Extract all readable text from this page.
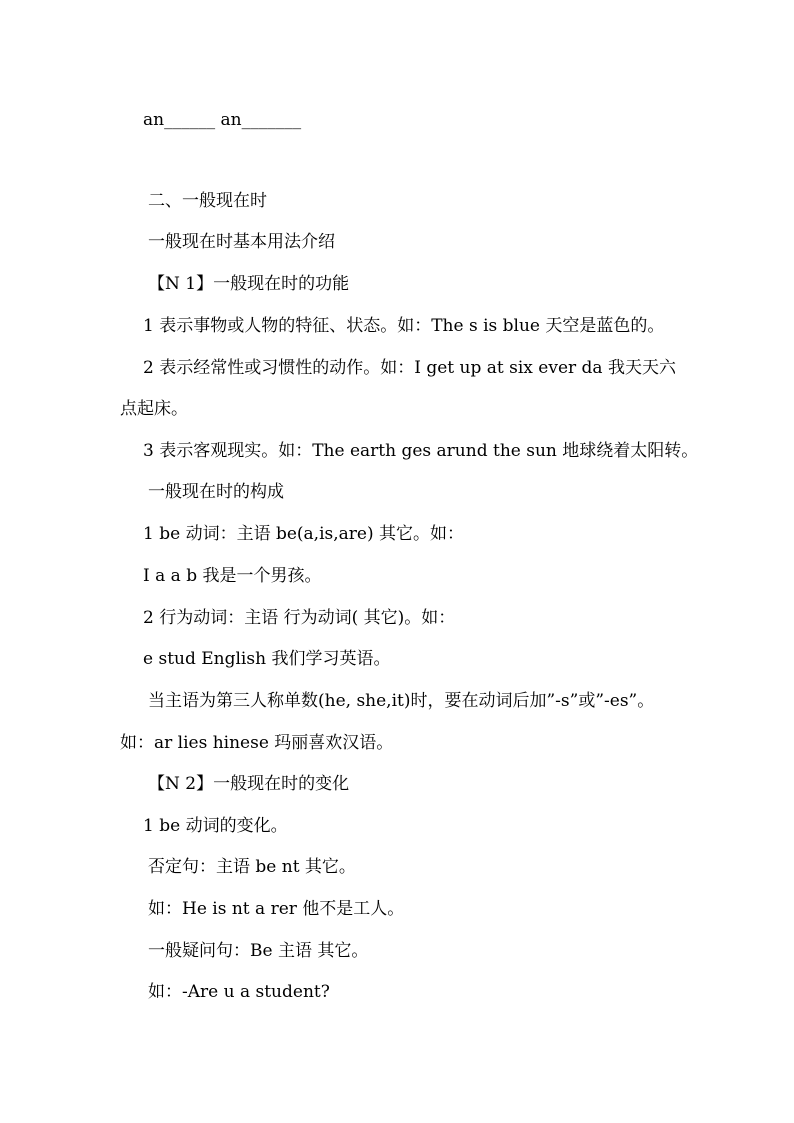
an______ an_______
二、一般现在时
一般现在时基本用法介绍
【N 1】一般现在时的功能
1 表示事物或人物的特征、状态。如：The s is blue 天空是蓝色的。
2 表示经常性或习惯性的动作。如：I get up at six ever da 我天天六
点起床。
3 表示客观现实。如：The earth ges arund the sun 地球绕着太阳转。
一般现在时的构成
1 be 动词：主语 be(a,is,are) 其它。如：
I a a b 我是一个男孩。
2 行为动词：主语 行为动词( 其它)。如：
e stud English 我们学习英语。
当主语为第三人称单数(he, she,it)时，要在动词后加”-s”或”-es”。
如：ar lies hinese 玛丽喜欢汉语。
【N 2】一般现在时的变化
1 be 动词的变化。
否定句：主语 be nt 其它。
如：He is nt a rer 他不是工人。
一般疑问句：Be 主语 其它。
如：-Are u a student?
